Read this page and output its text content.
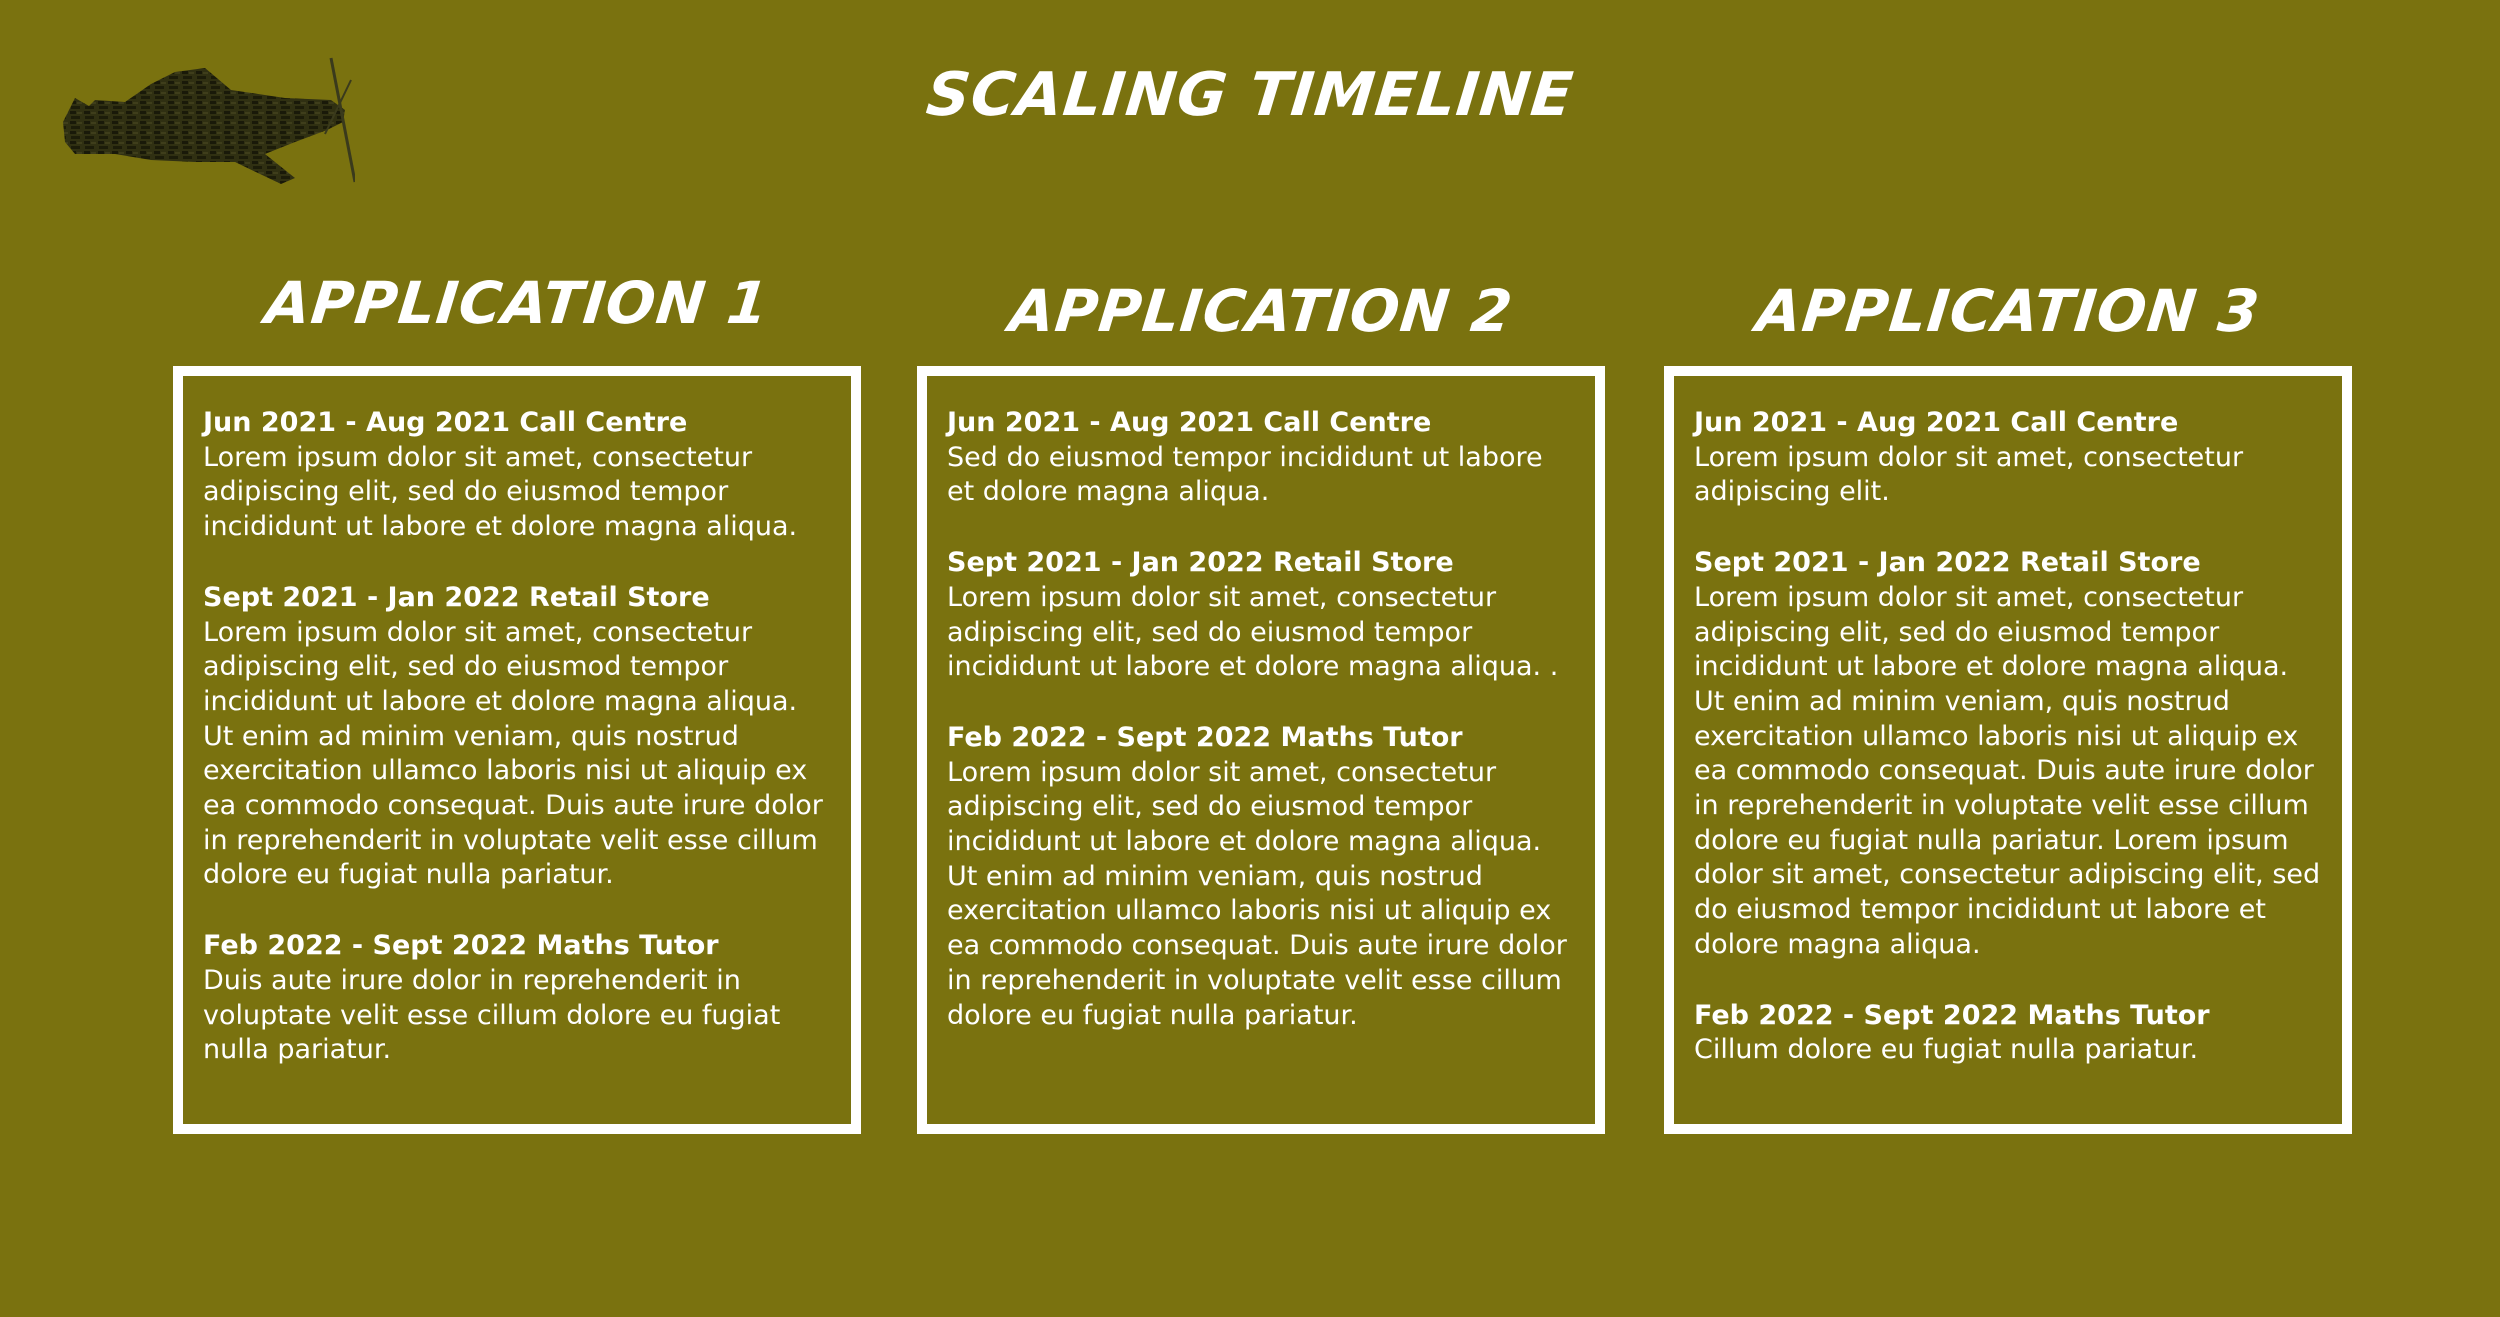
SCALING TIMELINE
APPLICATION 1

Jun 2021 - Aug 2021 Call Centre
Lorem ipsum dolor sit amet, consectetur adipiscing elit, sed do eiusmod tempor incididunt ut labore et dolore magna aliqua.

Sept 2021 - Jan 2022 Retail Store
Lorem ipsum dolor sit amet, consectetur adipiscing elit, sed do eiusmod tempor incididunt ut labore et dolore magna aliqua. Ut enim ad minim veniam, quis nostrud exercitation ullamco laboris nisi ut aliquip ex ea commodo consequat. Duis aute irure dolor in reprehenderit in voluptate velit esse cillum dolore eu fugiat nulla pariatur.

Feb 2022 - Sept 2022 Maths Tutor
Duis aute irure dolor in reprehenderit in voluptate velit esse cillum dolore eu fugiat nulla pariatur.

APPLICATION 2

Jun 2021 - Aug 2021 Call Centre
Sed do eiusmod tempor incididunt ut labore et dolore magna aliqua.

Sept 2021 - Jan 2022 Retail Store
Lorem ipsum dolor sit amet, consectetur adipiscing elit, sed do eiusmod tempor incididunt ut labore et dolore magna aliqua. .

Feb 2022 - Sept 2022 Maths Tutor
Lorem ipsum dolor sit amet, consectetur adipiscing elit, sed do eiusmod tempor incididunt ut labore et dolore magna aliqua. Ut enim ad minim veniam, quis nostrud exercitation ullamco laboris nisi ut aliquip ex ea commodo consequat. Duis aute irure dolor in reprehenderit in voluptate velit esse cillum dolore eu fugiat nulla pariatur.

APPLICATION 3

Jun 2021 - Aug 2021 Call Centre
Lorem ipsum dolor sit amet, consectetur adipiscing elit.

Sept 2021 - Jan 2022 Retail Store
Lorem ipsum dolor sit amet, consectetur adipiscing elit, sed do eiusmod tempor incididunt ut labore et dolore magna aliqua. Ut enim ad minim veniam, quis nostrud exercitation ullamco laboris nisi ut aliquip ex ea commodo consequat. Duis aute irure dolor in reprehenderit in voluptate velit esse cillum dolore eu fugiat nulla pariatur. Lorem ipsum dolor sit amet, consectetur adipiscing elit, sed do eiusmod tempor incididunt ut labore et dolore magna aliqua.

Feb 2022 - Sept 2022 Maths Tutor
Cillum dolore eu fugiat nulla pariatur.
